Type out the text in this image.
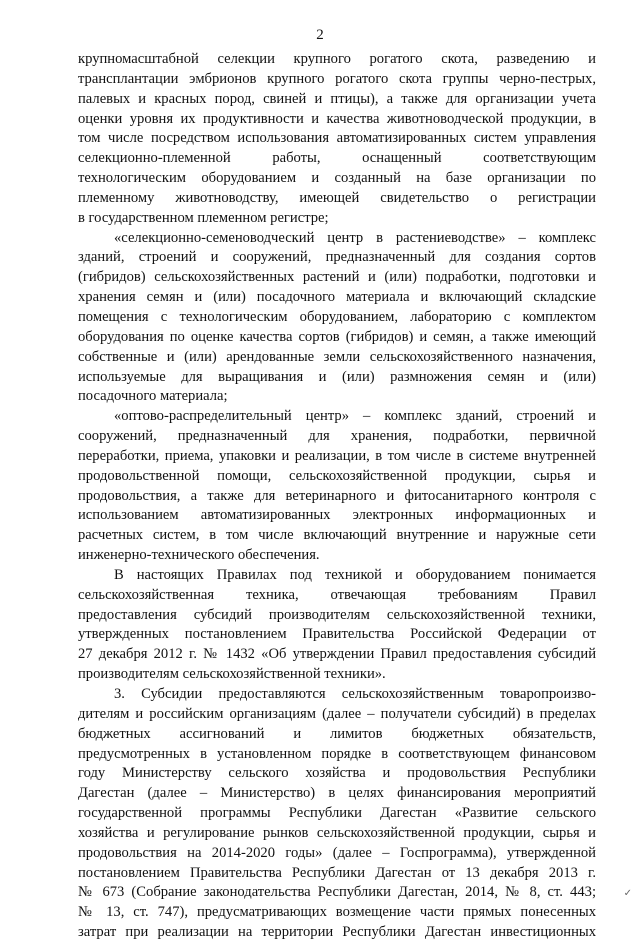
2
крупномасштабной селекции крупного рогатого скота, разведению и
трансплантации эмбрионов крупного рогатого скота группы черно-пестрых,
палевых и красных пород, свиней и птицы), а также для организации учета
оценки уровня их продуктивности и качества животноводческой продукции, в
том числе посредством использования автоматизированных систем управления
селекционно-племенной работы, оснащенный соответствующим
технологическим оборудованием и созданный на базе организации по
племенному животноводству, имеющей свидетельство о регистрации
в государственном племенном регистре;
«селекционно-семеноводческий центр в растениеводстве» – комплекс
зданий, строений и сооружений, предназначенный для создания сортов
(гибридов) сельскохозяйственных растений и (или) подработки, подготовки и
хранения семян и (или) посадочного материала и включающий складские
помещения с технологическим оборудованием, лабораторию с комплектом
оборудования по оценке качества сортов (гибридов) и семян, а также имеющий
собственные и (или) арендованные земли сельскохозяйственного назначения,
используемые для выращивания и (или) размножения семян и (или)
посадочного материала;
«оптово-распределительный центр» – комплекс зданий, строений и
сооружений, предназначенный для хранения, подработки, первичной
переработки, приема, упаковки и реализации, в том числе в системе внутренней
продовольственной помощи, сельскохозяйственной продукции, сырья и
продовольствия, а также для ветеринарного и фитосанитарного контроля с
использованием автоматизированных электронных информационных и
расчетных систем, в том числе включающий внутренние и наружные сети
инженерно-технического обеспечения.
В настоящих Правилах под техникой и оборудованием понимается
сельскохозяйственная техника, отвечающая требованиям Правил
предоставления субсидий производителям сельскохозяйственной техники,
утвержденных постановлением Правительства Российской Федерации от
27 декабря 2012 г. № 1432 «Об утверждении Правил предоставления субсидий
производителям сельскохозяйственной техники».
3. Субсидии предоставляются сельскохозяйственным товаропроизво-
дителям и российским организациям (далее – получатели субсидий) в пределах
бюджетных ассигнований и лимитов бюджетных обязательств,
предусмотренных в установленном порядке в соответствующем финансовом
году Министерству сельского хозяйства и продовольствия Республики
Дагестан (далее – Министерство) в целях финансирования мероприятий
государственной программы Республики Дагестан «Развитие сельского
хозяйства и регулирование рынков сельскохозяйственной продукции, сырья и
продовольствия на 2014-2020 годы» (далее – Госпрограмма), утвержденной
постановлением Правительства Республики Дагестан от 13 декабря 2013 г.
№ 673 (Собрание законодательства Республики Дагестан, 2014, № 8, ст. 443;
№ 13, ст. 747), предусматривающих возмещение части прямых понесенных
затрат при реализации на территории Республики Дагестан инвестиционных
✓
